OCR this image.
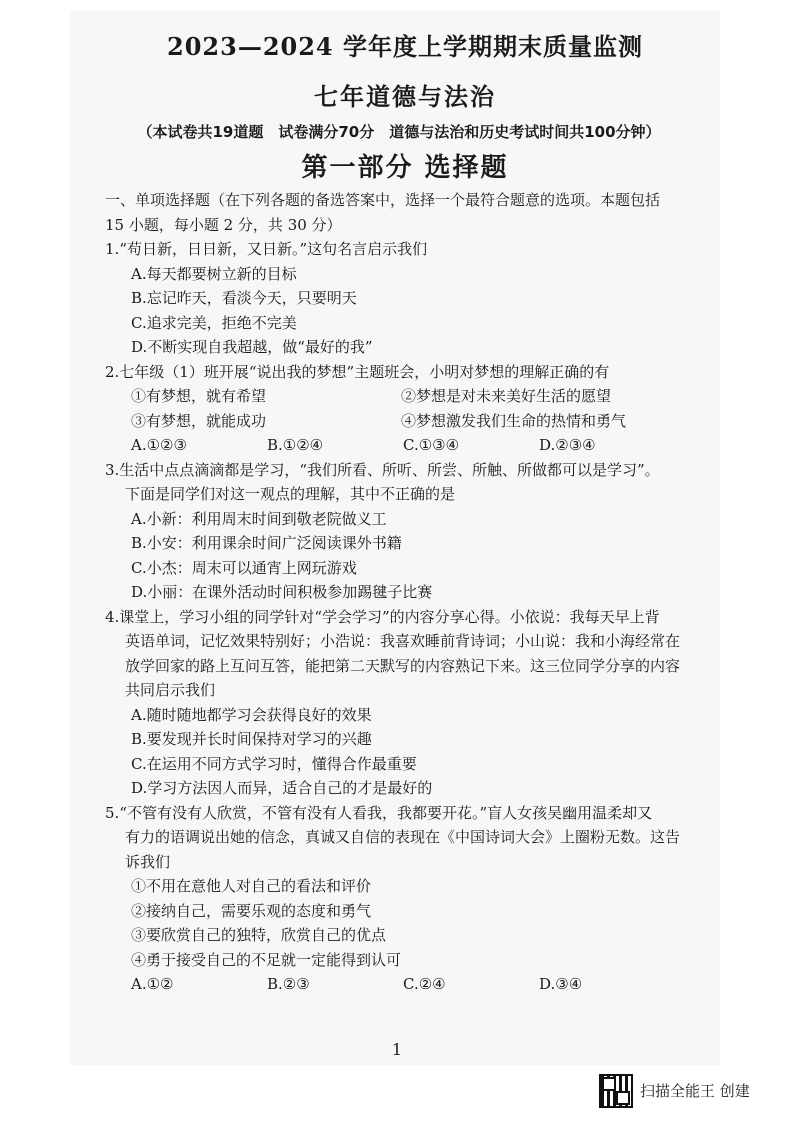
2023—2024 学年度上学期期末质量监测
七年道德与法治
（本试卷共19道题　试卷满分70分　道德与法治和历史考试时间共100分钟）
第一部分 选择题
一、单项选择题（在下列各题的备选答案中，选择一个最符合题意的选项。本题包括
15 小题，每小题 2 分，共 30 分）
1.“苟日新，日日新，又日新。”这句名言启示我们
A.每天都要树立新的目标
B.忘记昨天，看淡今天，只要明天
C.追求完美，拒绝不完美
D.不断实现自我超越，做“最好的我”
2.七年级（1）班开展“说出我的梦想”主题班会，小明对梦想的理解正确的有
①有梦想，就有希望	②梦想是对未来美好生活的愿望
③有梦想，就能成功	④梦想激发我们生命的热情和勇气
A.①②③	B.①②④	C.①③④	D.②③④
3.生活中点点滴滴都是学习，“我们所看、所听、所尝、所触、所做都可以是学习”。
下面是同学们对这一观点的理解，其中不正确的是
A.小新：利用周末时间到敬老院做义工
B.小安：利用课余时间广泛阅读课外书籍
C.小杰：周末可以通宵上网玩游戏
D.小丽：在课外活动时间积极参加踢毽子比赛
4.课堂上，学习小组的同学针对“学会学习”的内容分享心得。小依说：我每天早上背
英语单词，记忆效果特别好；小浩说：我喜欢睡前背诗词；小山说：我和小海经常在
放学回家的路上互问互答，能把第二天默写的内容熟记下来。这三位同学分享的内容
共同启示我们
A.随时随地都学习会获得良好的效果
B.要发现并长时间保持对学习的兴趣
C.在运用不同方式学习时，懂得合作最重要
D.学习方法因人而异，适合自己的才是最好的
5.“不管有没有人欣赏，不管有没有人看我，我都要开花。”盲人女孩吴幽用温柔却又
有力的语调说出她的信念，真诚又自信的表现在《中国诗词大会》上圈粉无数。这告
诉我们
①不用在意他人对自己的看法和评价
②接纳自己，需要乐观的态度和勇气
③要欣赏自己的独特，欣赏自己的优点
④勇于接受自己的不足就一定能得到认可
A.①②	B.②③	C.②④	D.③④
1
扫描全能王 创建
